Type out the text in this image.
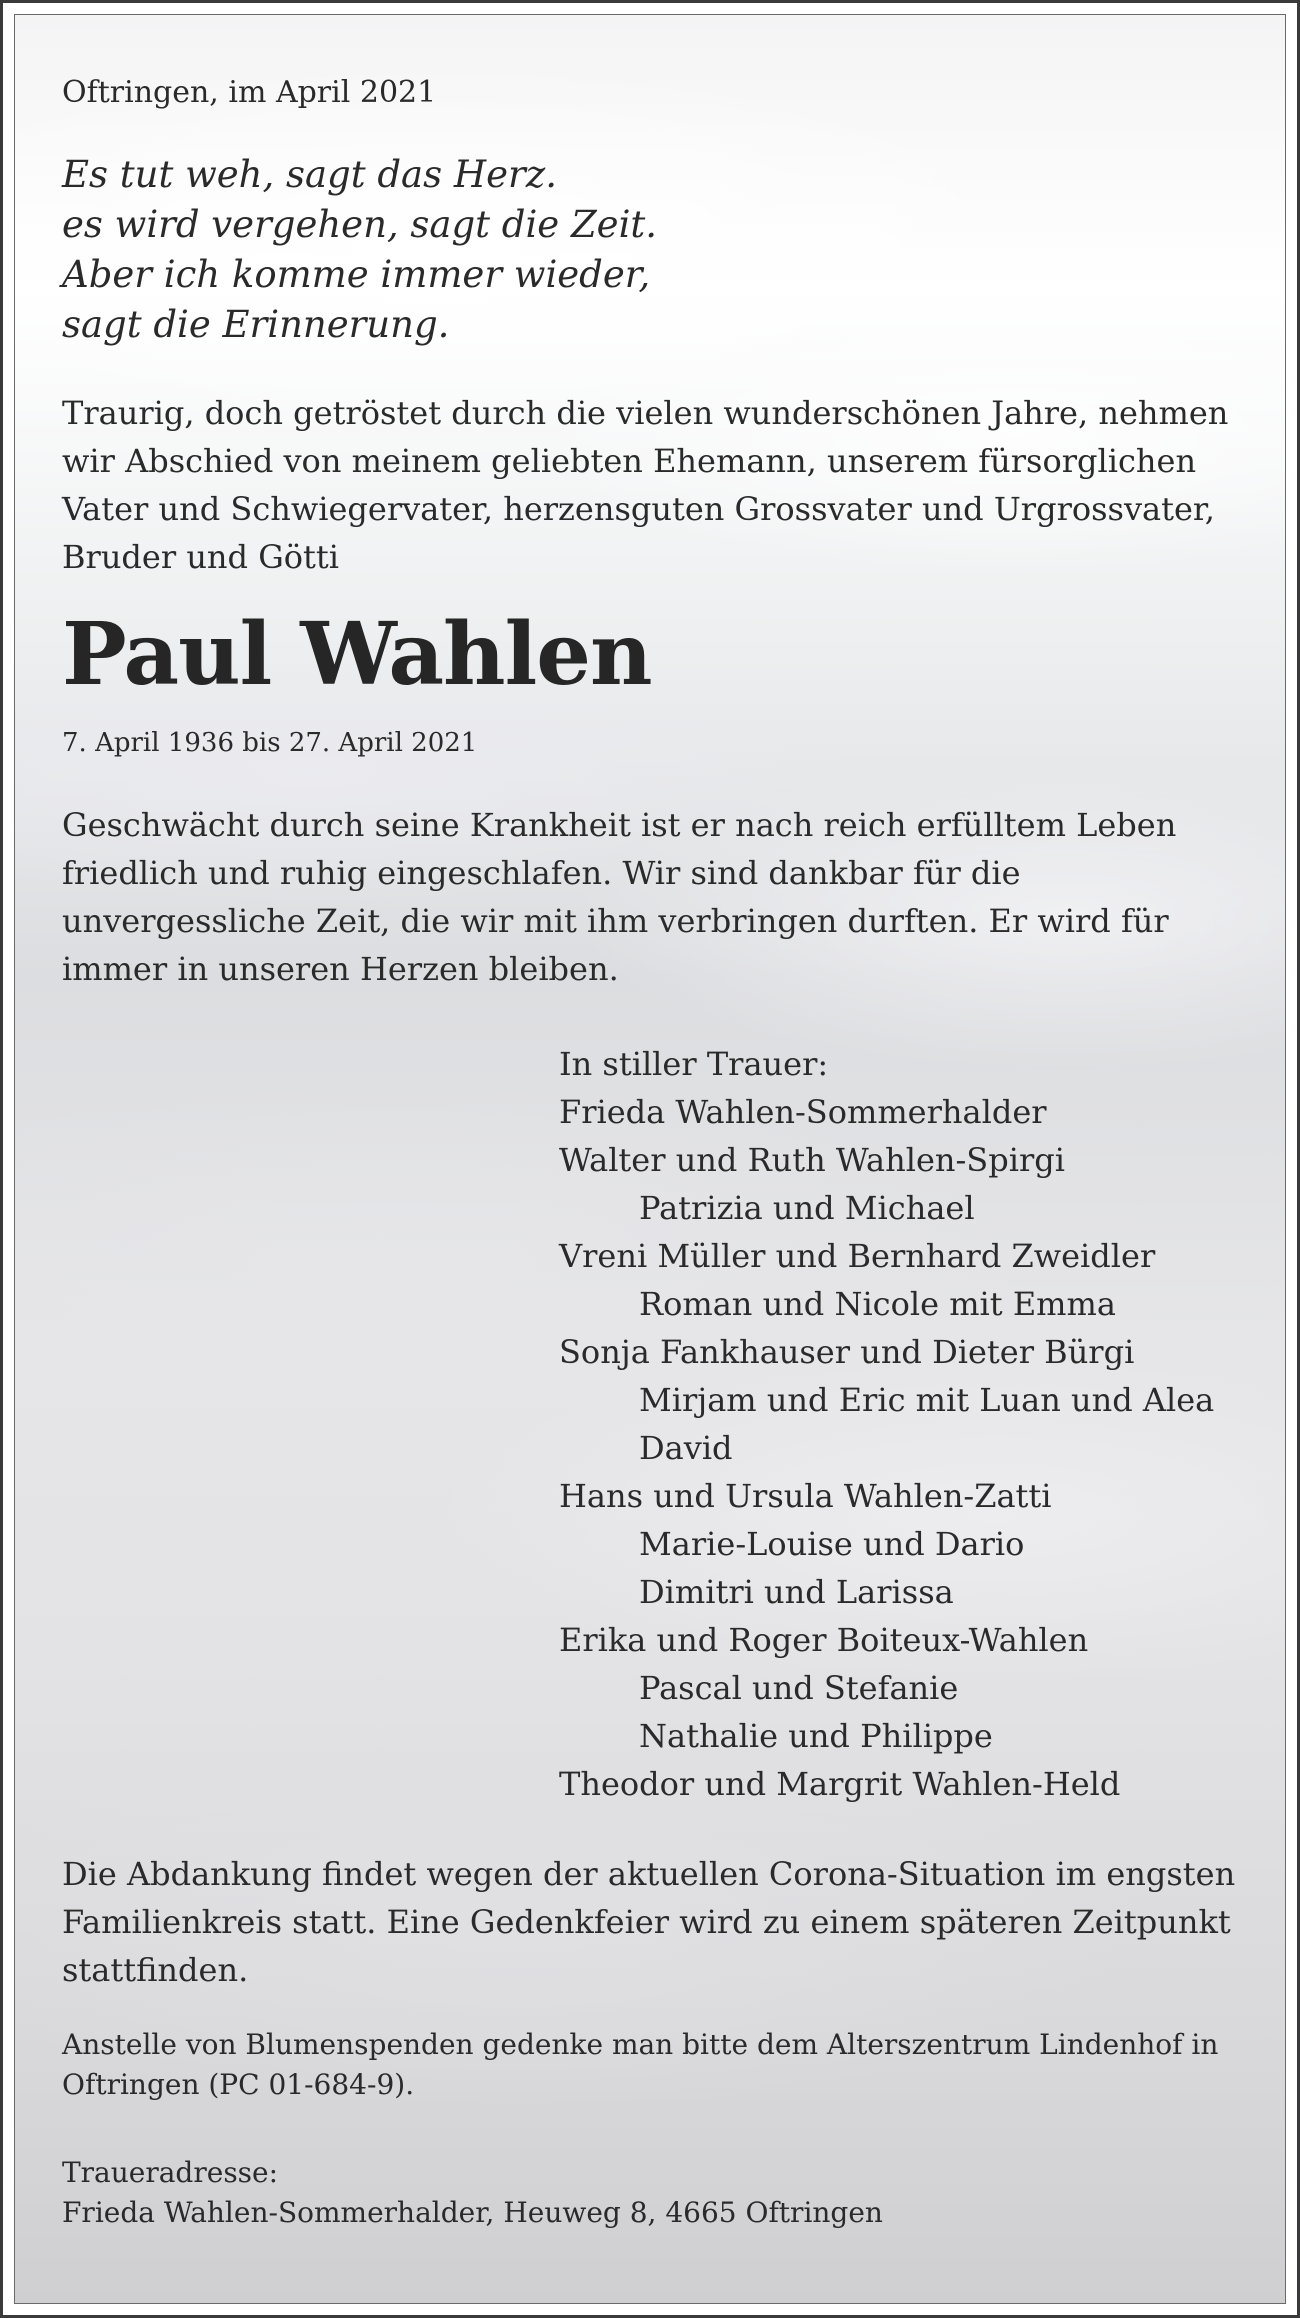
Oftringen, im April 2021

Es tut weh, sagt das Herz.
es wird vergehen, sagt die Zeit.
Aber ich komme immer wieder,
sagt die Erinnerung.

Traurig, doch getröstet durch die vielen wunderschönen Jahre, nehmen wir Abschied von meinem geliebten Ehemann, unserem fürsorglichen Vater und Schwiegervater, herzensguten Grossvater und Urgrossvater, Bruder und Götti

Paul Wahlen

7. April 1936 bis 27. April 2021

Geschwächt durch seine Krankheit ist er nach reich erfülltem Leben friedlich und ruhig eingeschlafen. Wir sind dankbar für die unvergessliche Zeit, die wir mit ihm verbringen durften. Er wird für immer in unseren Herzen bleiben.

In stiller Trauer:
Frieda Wahlen-Sommerhalder
Walter und Ruth Wahlen-Spirgi
Patrizia und Michael
Vreni Müller und Bernhard Zweidler
Roman und Nicole mit Emma
Sonja Fankhauser und Dieter Bürgi
Mirjam und Eric mit Luan und Alea
David
Hans und Ursula Wahlen-Zatti
Marie-Louise und Dario
Dimitri und Larissa
Erika und Roger Boiteux-Wahlen
Pascal und Stefanie
Nathalie und Philippe
Theodor und Margrit Wahlen-Held

Die Abdankung findet wegen der aktuellen Corona-Situation im engsten Familienkreis statt. Eine Gedenkfeier wird zu einem späteren Zeitpunkt stattfinden.

Anstelle von Blumenspenden gedenke man bitte dem Alterszentrum Lindenhof in Oftringen (PC 01-684-9).

Traueradresse:
Frieda Wahlen-Sommerhalder, Heuweg 8, 4665 Oftringen
